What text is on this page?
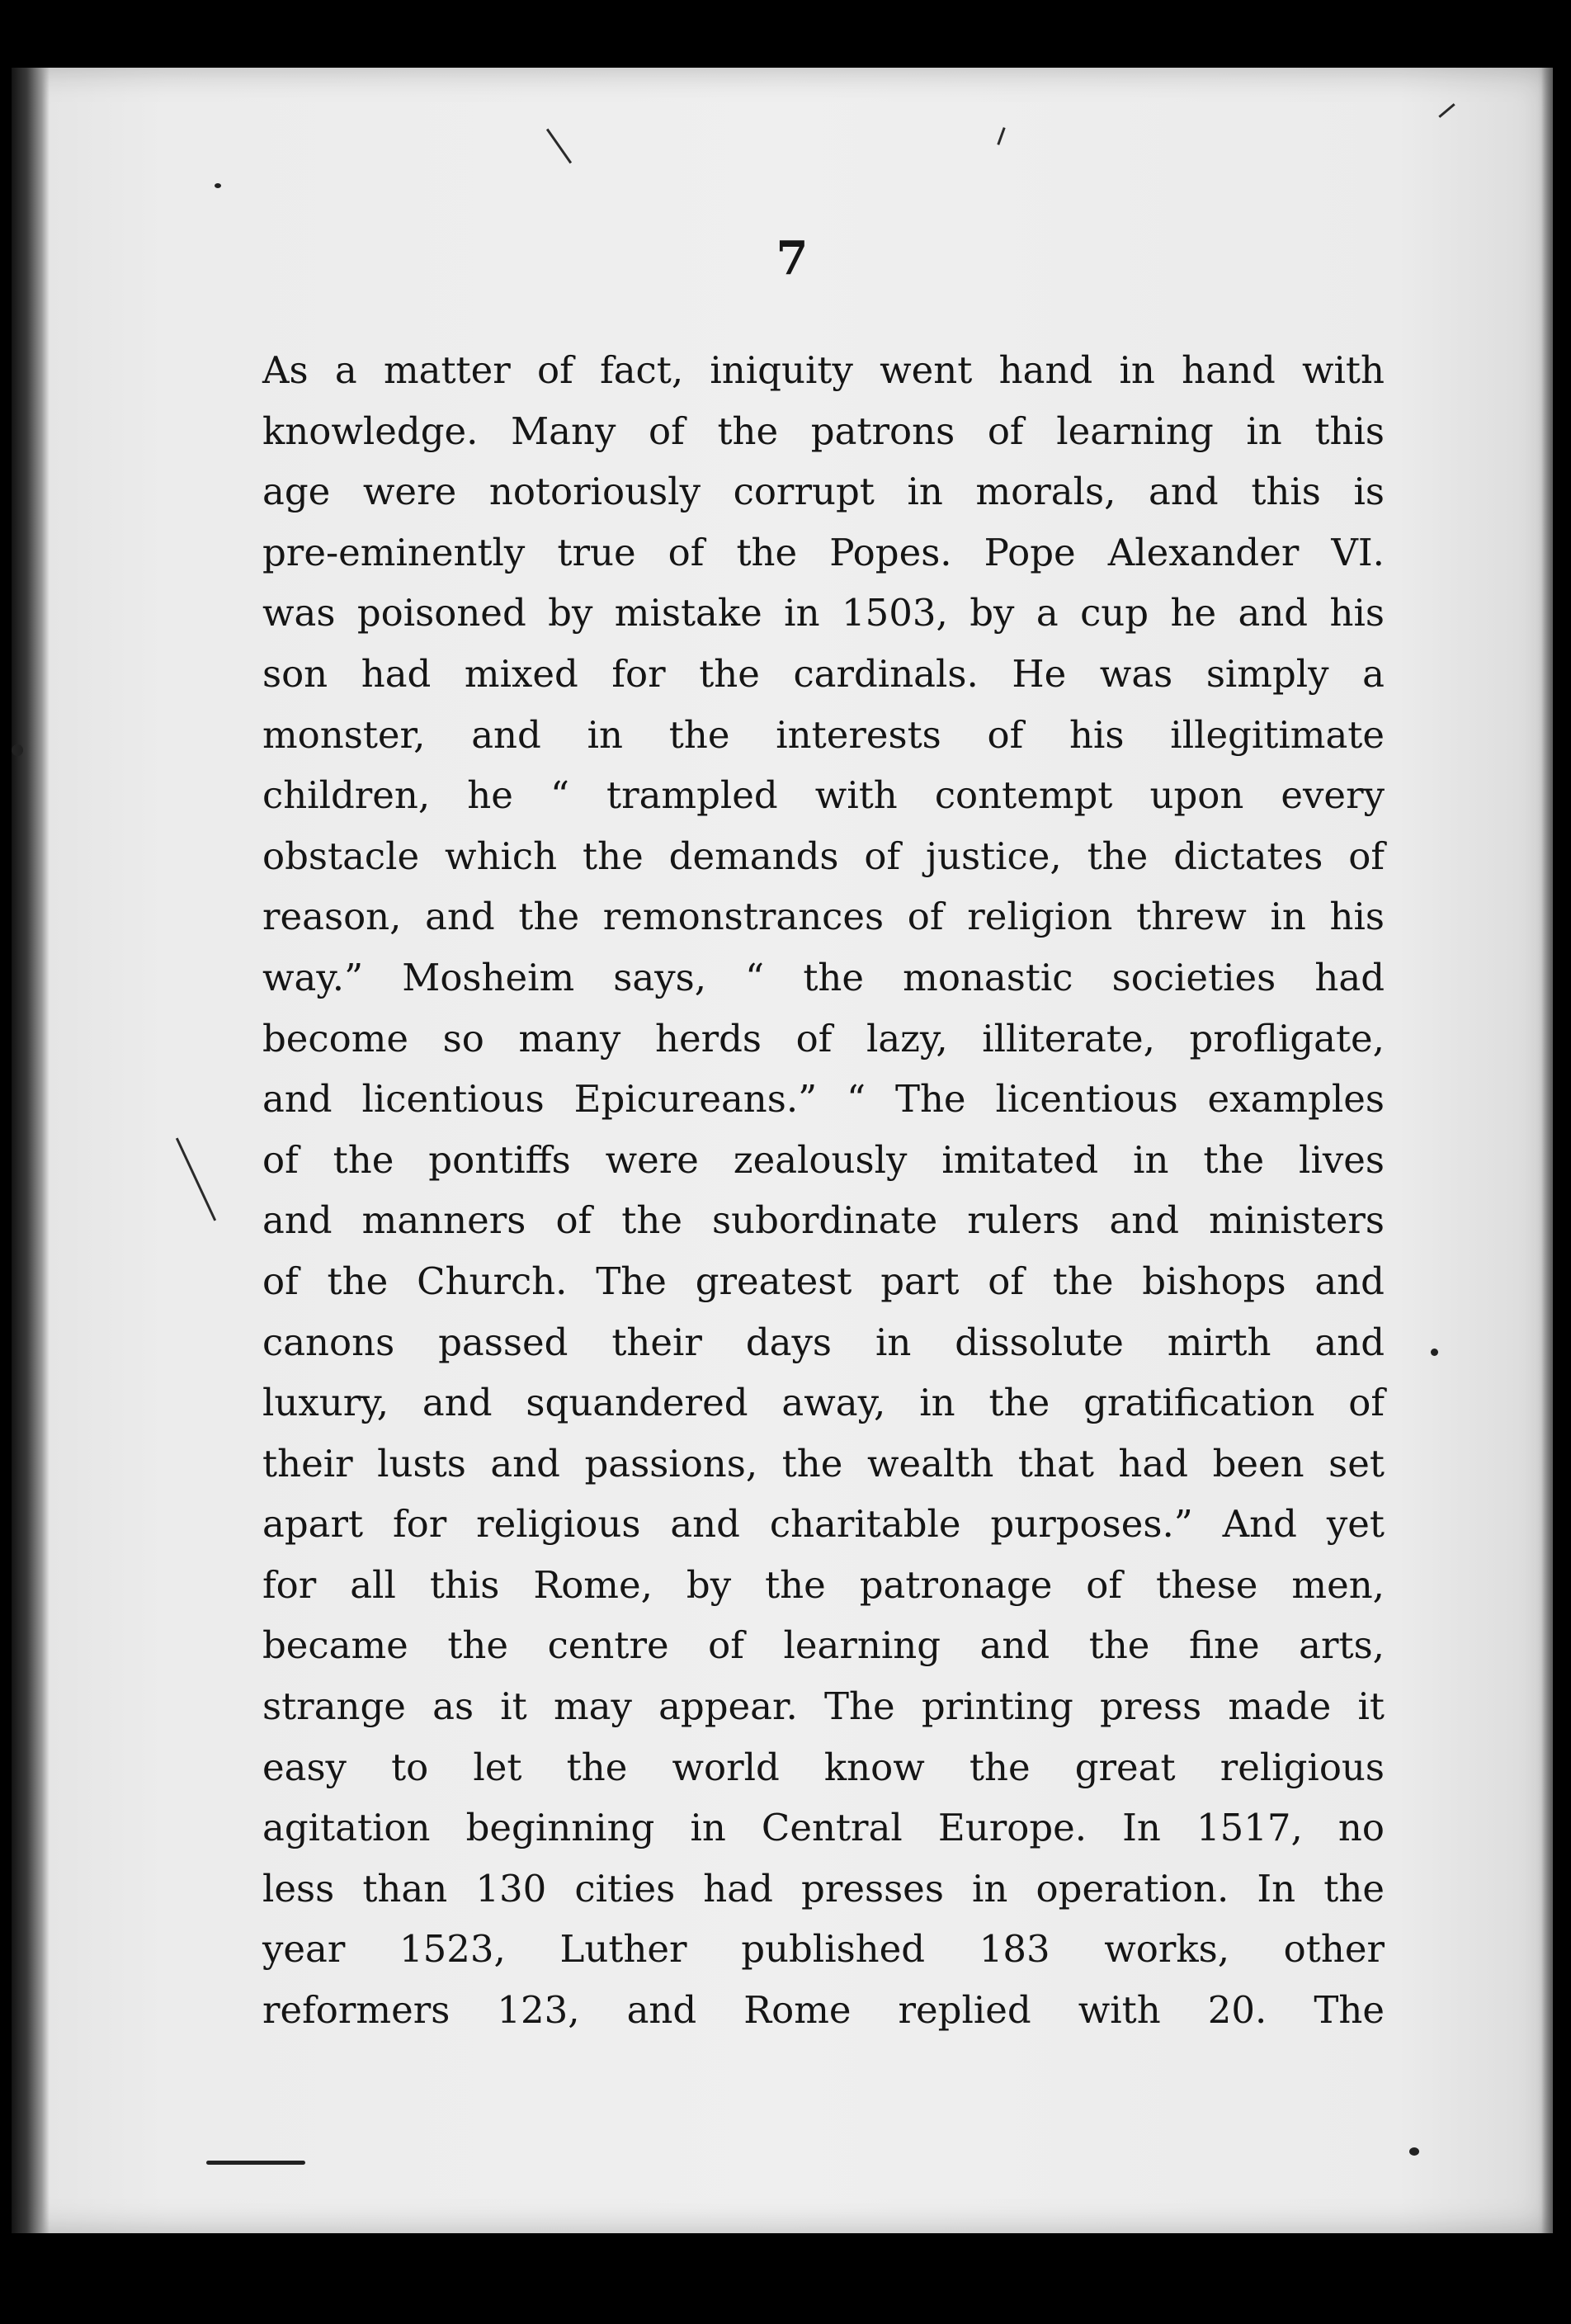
7
As a matter of fact, iniquity went hand in hand with
knowledge. Many of the patrons of learning in this
age were notoriously corrupt in morals, and this is
pre-eminently true of the Popes. Pope Alexander VI.
was poisoned by mistake in 1503, by a cup he and his
son had mixed for the cardinals. He was simply a
monster, and in the interests of his illegitimate
children, he “ trampled with contempt upon every
obstacle which the demands of justice, the dictates of
reason, and the remonstrances of religion threw in his
way.” Mosheim says, “ the monastic societies had
become so many herds of lazy, illiterate, profligate,
and licentious Epicureans.” “ The licentious examples
of the pontiffs were zealously imitated in the lives
and manners of the subordinate rulers and ministers
of the Church. The greatest part of the bishops and
canons passed their days in dissolute mirth and
luxury, and squandered away, in the gratification of
their lusts and passions, the wealth that had been set
apart for religious and charitable purposes.” And yet
for all this Rome, by the patronage of these men,
became the centre of learning and the fine arts,
strange as it may appear. The printing press made it
easy to let the world know the great religious
agitation beginning in Central Europe. In 1517, no
less than 130 cities had presses in operation. In the
year 1523, Luther published 183 works, other
reformers 123, and Rome replied with 20. The
